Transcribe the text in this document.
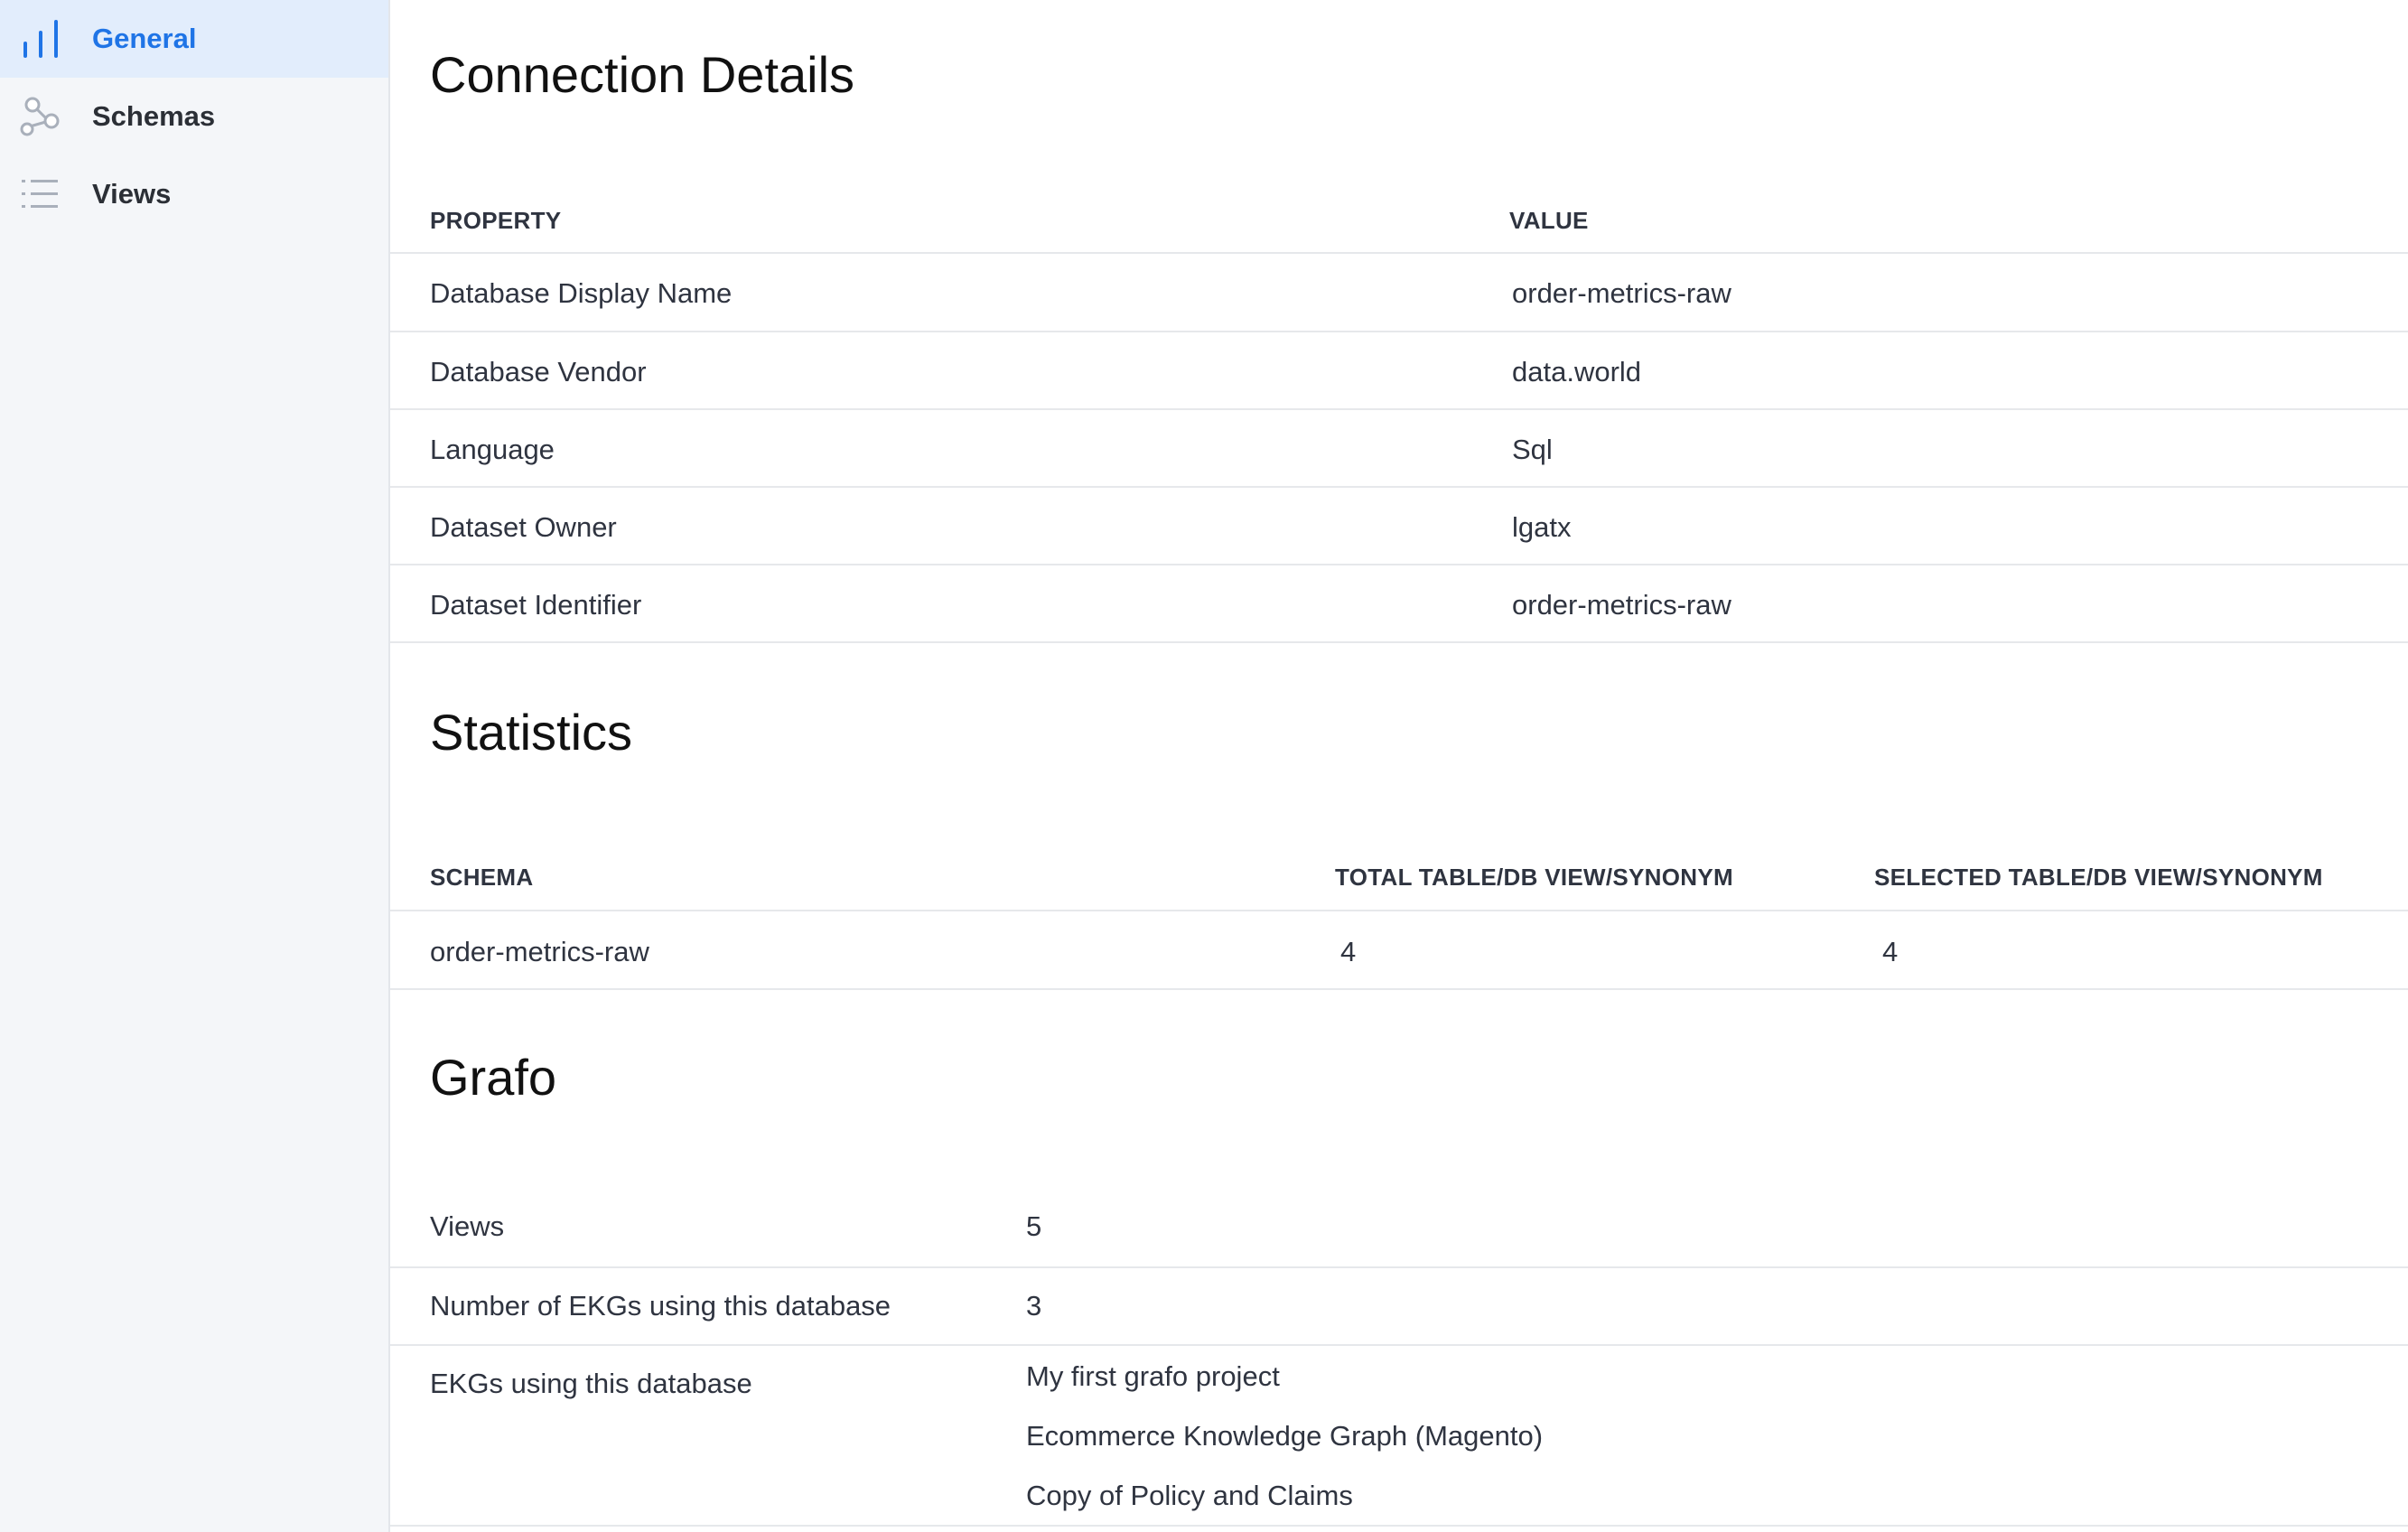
General
Schemas
Views
Connection Details
PROPERTY	VALUE
Database Display Name	order-metrics-raw
Database Vendor	data.world
Language	Sql
Dataset Owner	lgatx
Dataset Identifier	order-metrics-raw
Statistics
SCHEMA	TOTAL TABLE/DB VIEW/SYNONYM	SELECTED TABLE/DB VIEW/SYNONYM
order-metrics-raw	4	4
Grafo
Views	5
Number of EKGs using this database	3
EKGs using this database	My first grafo project
Ecommerce Knowledge Graph (Magento)
Copy of Policy and Claims
